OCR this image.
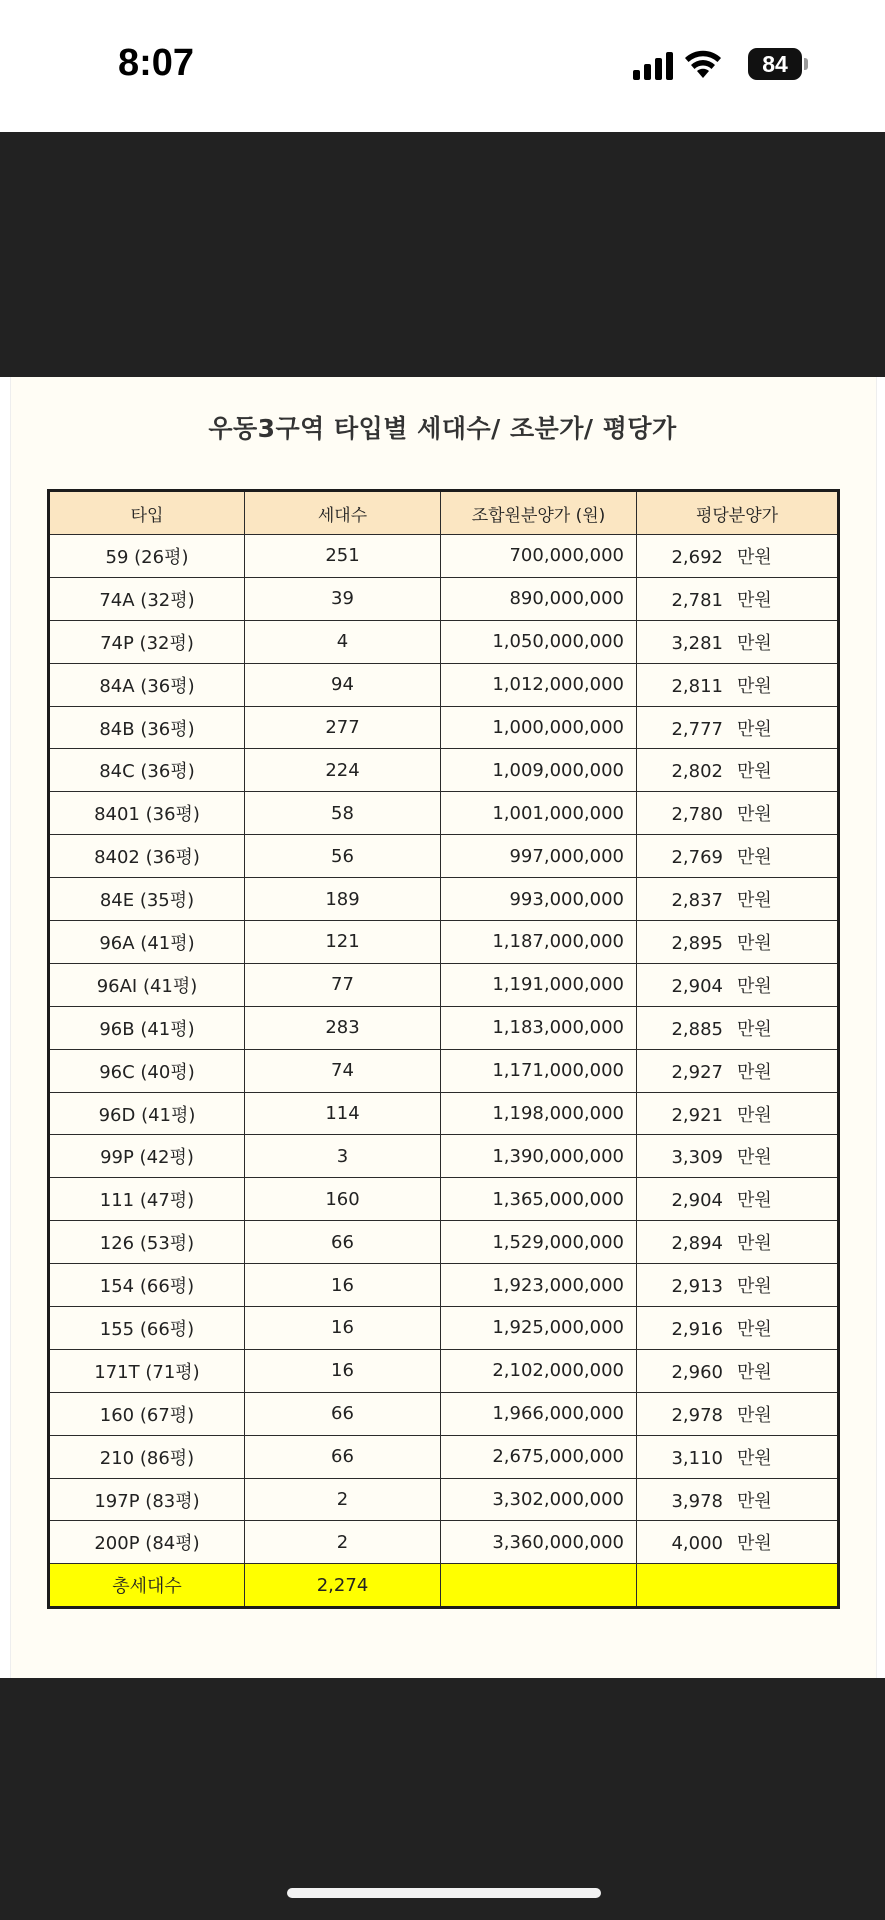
8:07	84
우동3구역 타입별 세대수/ 조분가/ 평당가
타입	세대수	조합원분양가 (원)	평당분양가
59 (26평)	251	700,000,000	2,692 만원
74A (32평)	39	890,000,000	2,781 만원
74P (32평)	4	1,050,000,000	3,281 만원
84A (36평)	94	1,012,000,000	2,811 만원
84B (36평)	277	1,000,000,000	2,777 만원
84C (36평)	224	1,009,000,000	2,802 만원
8401 (36평)	58	1,001,000,000	2,780 만원
8402 (36평)	56	997,000,000	2,769 만원
84E (35평)	189	993,000,000	2,837 만원
96A (41평)	121	1,187,000,000	2,895 만원
96AI (41평)	77	1,191,000,000	2,904 만원
96B (41평)	283	1,183,000,000	2,885 만원
96C (40평)	74	1,171,000,000	2,927 만원
96D (41평)	114	1,198,000,000	2,921 만원
99P (42평)	3	1,390,000,000	3,309 만원
111 (47평)	160	1,365,000,000	2,904 만원
126 (53평)	66	1,529,000,000	2,894 만원
154 (66평)	16	1,923,000,000	2,913 만원
155 (66평)	16	1,925,000,000	2,916 만원
171T (71평)	16	2,102,000,000	2,960 만원
160 (67평)	66	1,966,000,000	2,978 만원
210 (86평)	66	2,675,000,000	3,110 만원
197P (83평)	2	3,302,000,000	3,978 만원
200P (84평)	2	3,360,000,000	4,000 만원
총세대수	2,274		
